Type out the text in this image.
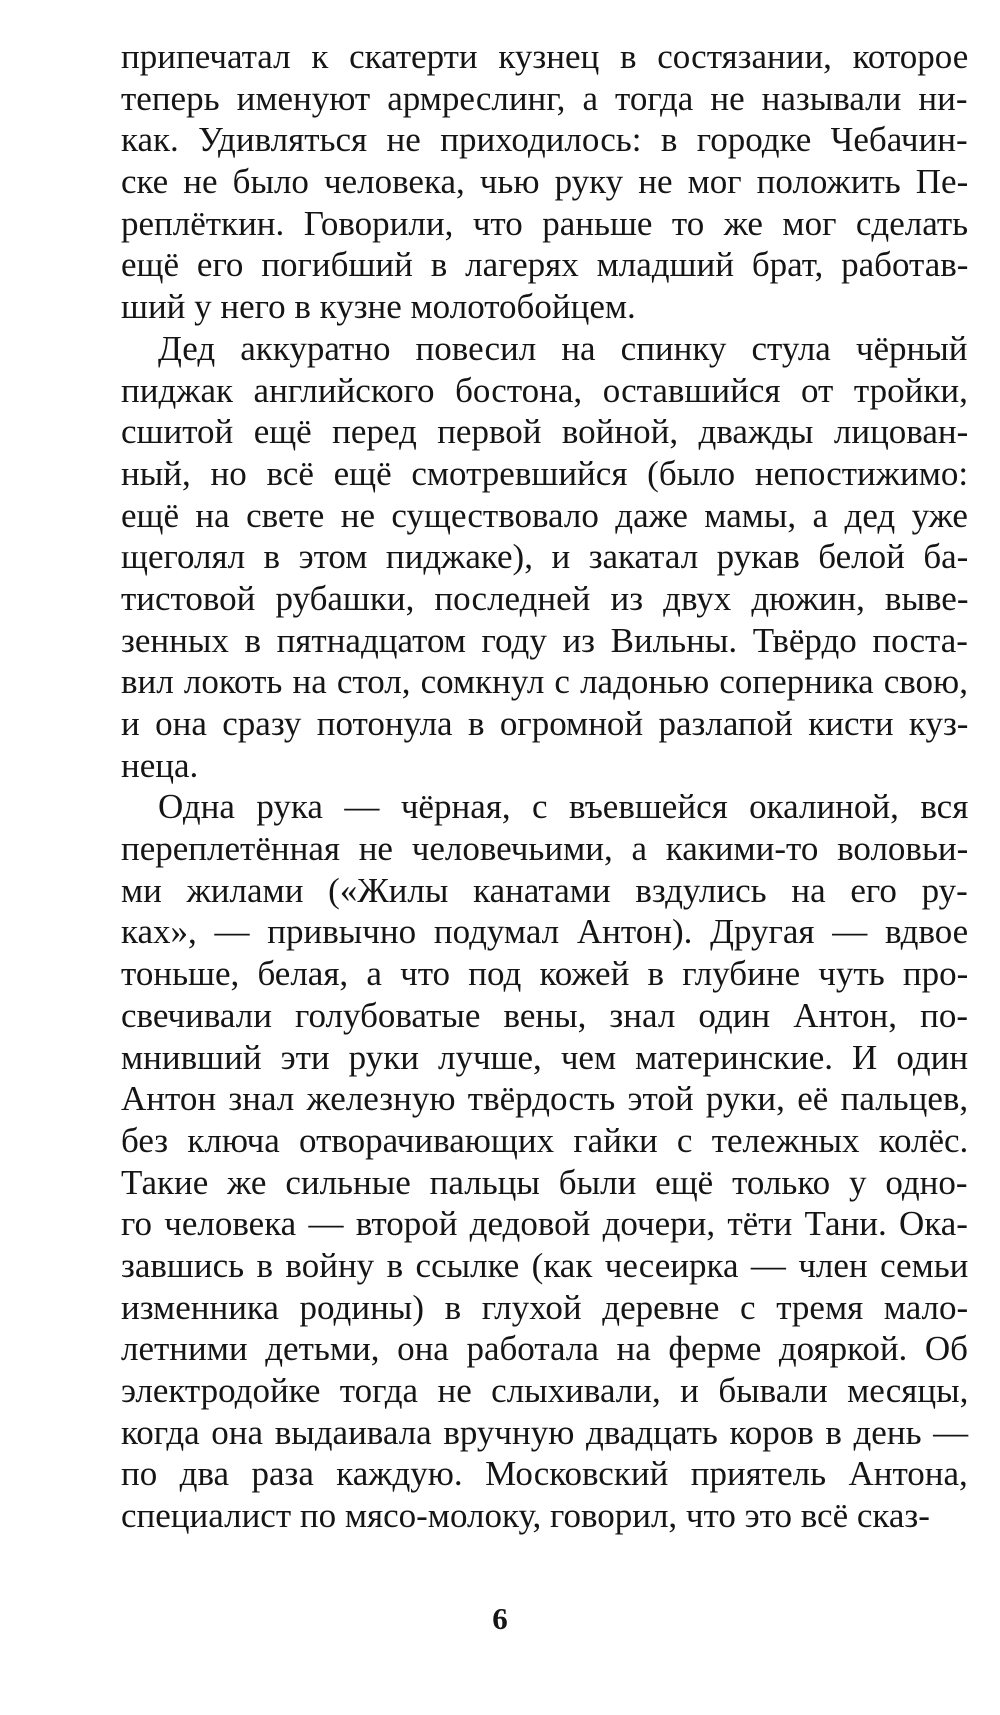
припечатал к скатерти кузнец в состязании, которое
теперь именуют армреслинг, а тогда не называли ни-
как. Удивляться не приходилось: в городке Чебачин-
ске не было человека, чью руку не мог положить Пе-
реплёткин. Говорили, что раньше то же мог сделать
ещё его погибший в лагерях младший брат, работав-
ший у него в кузне молотобойцем.
Дед аккуратно повесил на спинку стула чёрный
пиджак английского бостона, оставшийся от тройки,
сшитой ещё перед первой войной, дважды лицован-
ный, но всё ещё смотревшийся (было непостижимо:
ещё на свете не существовало даже мамы, а дед уже
щеголял в этом пиджаке), и закатал рукав белой ба-
тистовой рубашки, последней из двух дюжин, выве-
зенных в пятнадцатом году из Вильны. Твёрдо поста-
вил локоть на стол, сомкнул с ладонью соперника свою,
и она сразу потонула в огромной разлапой кисти куз-
неца.
Одна рука — чёрная, с въевшейся окалиной, вся
переплетённая не человечьими, а какими-то воловьи-
ми жилами («Жилы канатами вздулись на его ру-
ках», — привычно подумал Антон). Другая — вдвое
тоньше, белая, а что под кожей в глубине чуть про-
свечивали голубоватые вены, знал один Антон, по-
мнивший эти руки лучше, чем материнские. И один
Антон знал железную твёрдость этой руки, её пальцев,
без ключа отворачивающих гайки с тележных колёс.
Такие же сильные пальцы были ещё только у одно-
го человека — второй дедовой дочери, тёти Тани. Ока-
завшись в войну в ссылке (как чесеирка — член семьи
изменника родины) в глухой деревне с тремя мало-
летними детьми, она работала на ферме дояркой. Об
электродойке тогда не слыхивали, и бывали месяцы,
когда она выдаивала вручную двадцать коров в день —
по два раза каждую. Московский приятель Антона,
специалист по мясо-молоку, говорил, что это всё сказ-
6
